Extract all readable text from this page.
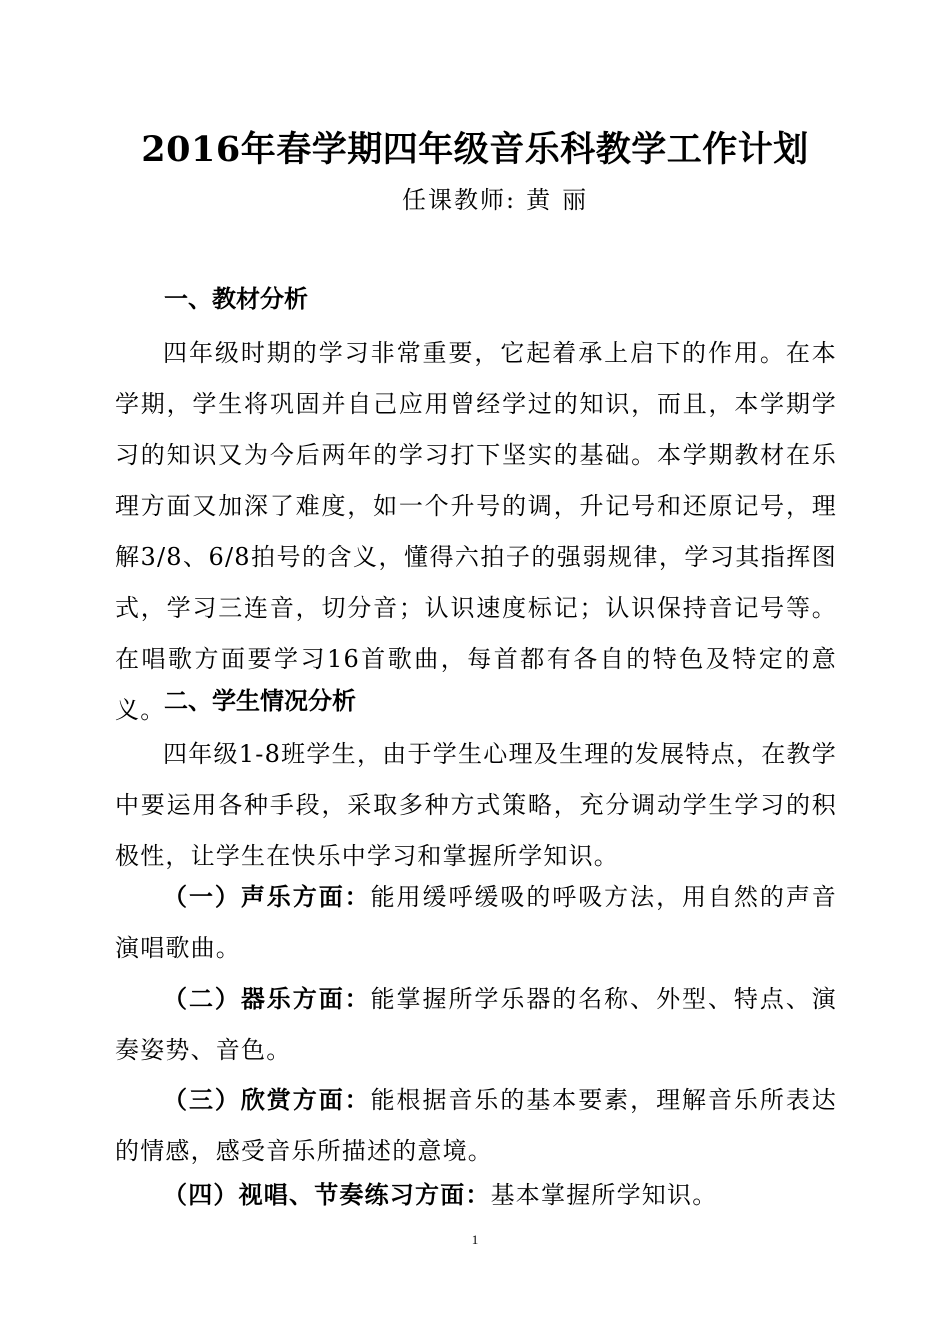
2016年春学期四年级音乐科教学工作计划
任课教师: 黄丽
一、教材分析
四年级时期的学习非常重要，它起着承上启下的作用。在本学期，学生将巩固并自己应用曾经学过的知识，而且，本学期学习的知识又为今后两年的学习打下坚实的基础。本学期教材在乐理方面又加深了难度，如一个升号的调，升记号和还原记号，理解3/8、6/8拍号的含义，懂得六拍子的强弱规律，学习其指挥图式，学习三连音，切分音；认识速度标记；认识保持音记号等。在唱歌方面要学习16首歌曲，每首都有各自的特色及特定的意义。
二、学生情况分析
四年级1-8班学生，由于学生心理及生理的发展特点，在教学中要运用各种手段，采取多种方式策略，充分调动学生学习的积极性，让学生在快乐中学习和掌握所学知识。
（一）声乐方面：能用缓呼缓吸的呼吸方法，用自然的声音演唱歌曲。
（二）器乐方面：能掌握所学乐器的名称、外型、特点、演奏姿势、音色。
（三）欣赏方面：能根据音乐的基本要素，理解音乐所表达的情感，感受音乐所描述的意境。
（四）视唱、节奏练习方面：基本掌握所学知识。
1
